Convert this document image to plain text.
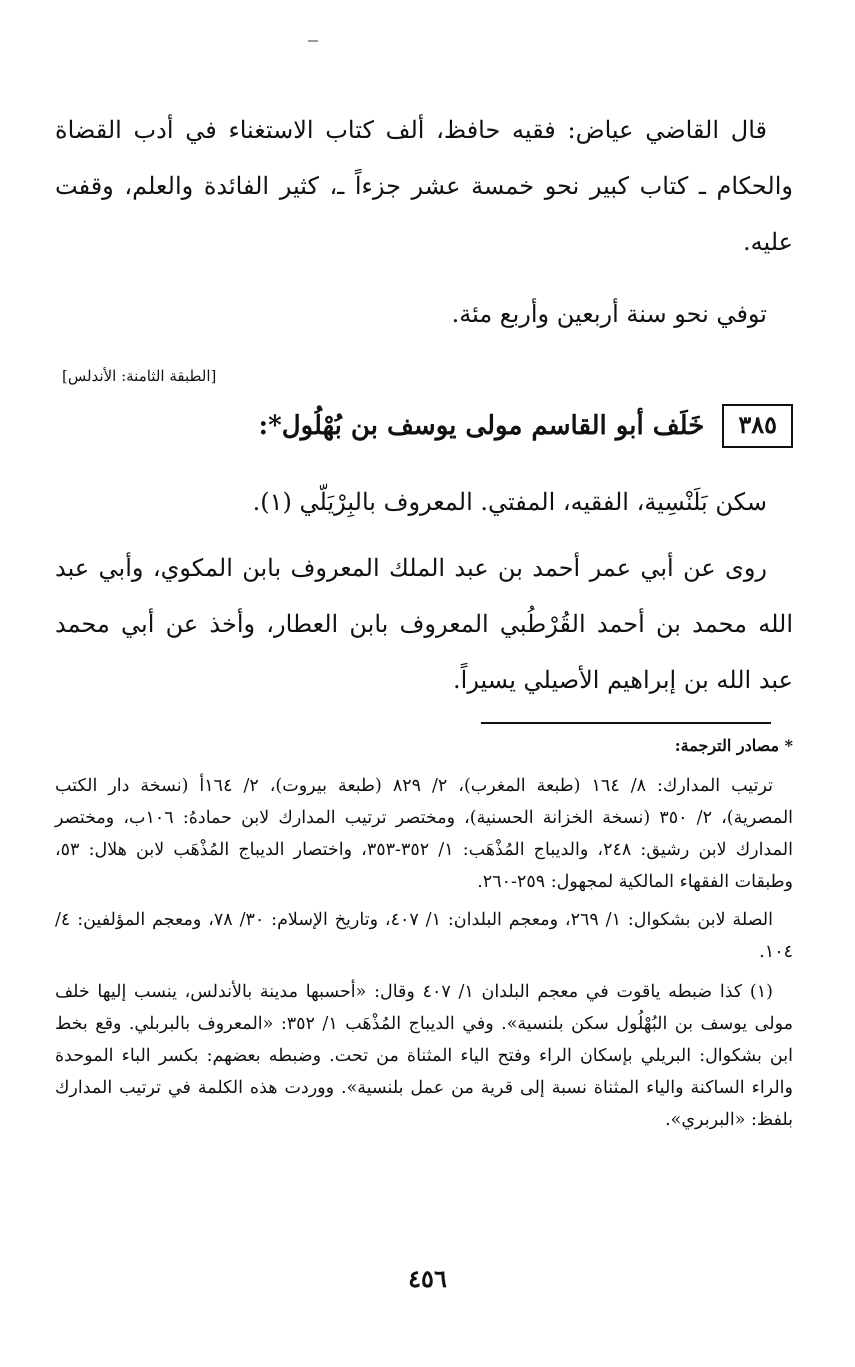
قال القاضي عياض: فقيه حافظ، ألف كتاب الاستغناء في أدب القضاة والحكام ـ كتاب كبير نحو خمسة عشر جزءاً ـ، كثير الفائدة والعلم، وقفت عليه.

توفي نحو سنة أربعين وأربع مئة.

[الطبقة الثامنة: الأندلس]
٣٨٥
خَلَف أبو القاسم مولى يوسف بن بُهْلُول*:

سكن بَلَنْسِية، الفقيه، المفتي. المعروف بالبِرْيَلّي (١).

روى عن أبي عمر أحمد بن عبد الملك المعروف بابن المكوي، وأبي عبد الله محمد بن أحمد القُرْطُبي المعروف بابن العطار، وأخذ عن أبي محمد عبد الله بن إبراهيم الأصيلي يسيراً.

* مصادر الترجمة:

ترتيب المدارك: ٨/ ١٦٤ (طبعة المغرب)، ٢/ ٨٢٩ (طبعة بيروت)، ٢/ ١٦٤أ (نسخة دار الكتب المصرية)، ٢/ ٣٥٠ (نسخة الخزانة الحسنية)، ومختصر ترتيب المدارك لابن حمادهُ: ١٠٦ب، ومختصر المدارك لابن رشيق: ٢٤٨، والديباج المُذْهَب: ١/ ٣٥٢-٣٥٣، واختصار الديباج المُذْهَب لابن هلال: ٥٣، وطبقات الفقهاء المالكية لمجهول: ٢٥٩-٢٦٠.

الصلة لابن بشكوال: ١/ ٢٦٩، ومعجم البلدان: ١/ ٤٠٧، وتاريخ الإسلام: ٣٠/ ٧٨، ومعجم المؤلفين: ٤/ ١٠٤.

(١) كذا ضبطه ياقوت في معجم البلدان ١/ ٤٠٧ وقال: «أحسبها مدينة بالأندلس، ينسب إليها خلف مولى يوسف بن البُهْلُول سكن بلنسية». وفي الديباج المُذْهَب ١/ ٣٥٢: «المعروف بالبربلي. وقع بخط ابن بشكوال: البريلي بإسكان الراء وفتح الياء المثناة من تحت. وضبطه بعضهم: بكسر الباء الموحدة والراء الساكنة والياء المثناة نسبة إلى قرية من عمل بلنسية». ووردت هذه الكلمة في ترتيب المدارك بلفظ: «البربري».

٤٥٦
